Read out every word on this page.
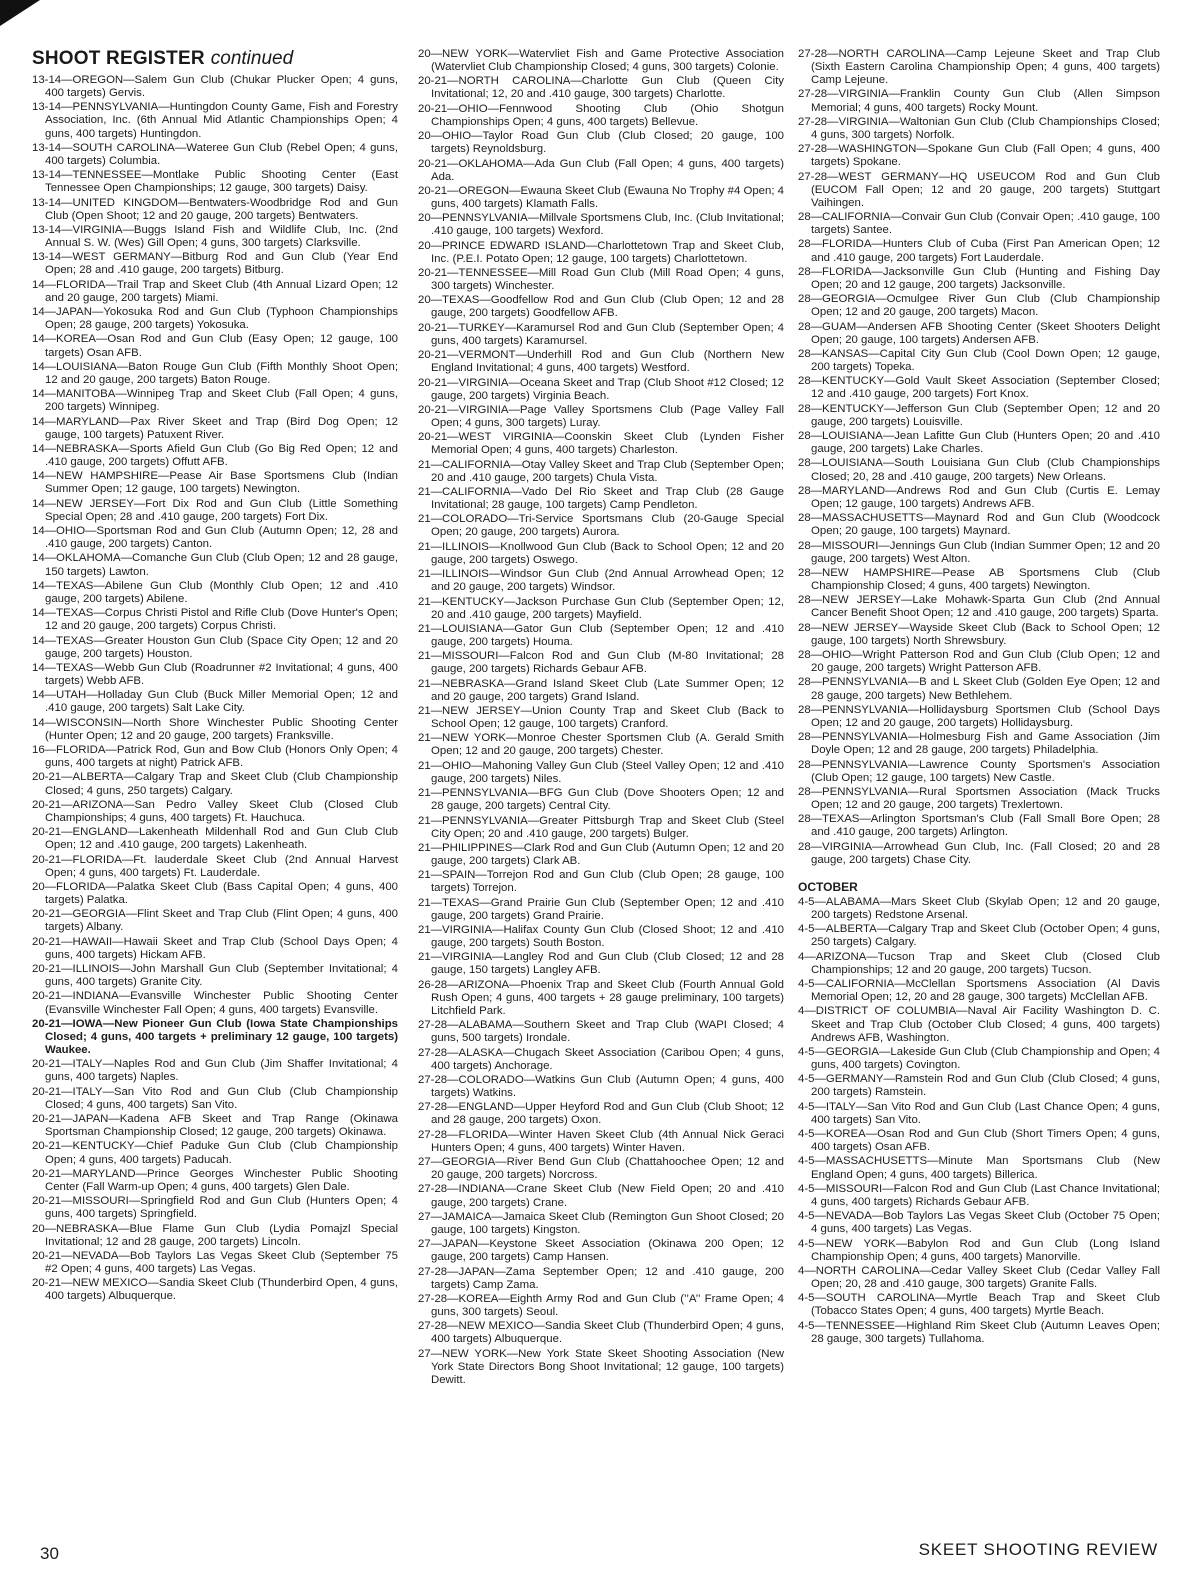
SHOOT REGISTER continued

13-14—OREGON—Salem Gun Club (Chukar Plucker Open; 4 guns, 400 targets) Gervis.

13-14—PENNSYLVANIA—Huntingdon County Game, Fish and Forestry Association, Inc. (6th Annual Mid Atlantic Championships Open; 4 guns, 400 targets) Huntingdon.

13-14—SOUTH CAROLINA—Wateree Gun Club (Rebel Open; 4 guns, 400 targets) Columbia.

13-14—TENNESSEE—Montlake Public Shooting Center (East Tennessee Open Championships; 12 gauge, 300 targets) Daisy.

13-14—UNITED KINGDOM—Bentwaters-Woodbridge Rod and Gun Club (Open Shoot; 12 and 20 gauge, 200 targets) Bentwaters.

13-14—VIRGINIA—Buggs Island Fish and Wildlife Club, Inc. (2nd Annual S. W. (Wes) Gill Open; 4 guns, 300 targets) Clarksville.

13-14—WEST GERMANY—Bitburg Rod and Gun Club (Year End Open; 28 and .410 gauge, 200 targets) Bitburg.

14—FLORIDA—Trail Trap and Skeet Club (4th Annual Lizard Open; 12 and 20 gauge, 200 targets) Miami.

14—JAPAN—Yokosuka Rod and Gun Club (Typhoon Championships Open; 28 gauge, 200 targets) Yokosuka.

14—KOREA—Osan Rod and Gun Club (Easy Open; 12 gauge, 100 targets) Osan AFB.

14—LOUISIANA—Baton Rouge Gun Club (Fifth Monthly Shoot Open; 12 and 20 gauge, 200 targets) Baton Rouge.

14—MANITOBA—Winnipeg Trap and Skeet Club (Fall Open; 4 guns, 200 targets) Winnipeg.

14—MARYLAND—Pax River Skeet and Trap (Bird Dog Open; 12 gauge, 100 targets) Patuxent River.

14—NEBRASKA—Sports Afield Gun Club (Go Big Red Open; 12 and .410 gauge, 200 targets) Offutt AFB.

14—NEW HAMPSHIRE—Pease Air Base Sportsmens Club (Indian Summer Open; 12 gauge, 100 targets) Newington.

14—NEW JERSEY—Fort Dix Rod and Gun Club (Little Something Special Open; 28 and .410 gauge, 200 targets) Fort Dix.

14—OHIO—Sportsman Rod and Gun Club (Autumn Open; 12, 28 and .410 gauge, 200 targets) Canton.

14—OKLAHOMA—Comanche Gun Club (Club Open; 12 and 28 gauge, 150 targets) Lawton.

14—TEXAS—Abilene Gun Club (Monthly Club Open; 12 and .410 gauge, 200 targets) Abilene.

14—TEXAS—Corpus Christi Pistol and Rifle Club (Dove Hunter's Open; 12 and 20 gauge, 200 targets) Corpus Christi.

14—TEXAS—Greater Houston Gun Club (Space City Open; 12 and 20 gauge, 200 targets) Houston.

14—TEXAS—Webb Gun Club (Roadrunner #2 Invitational; 4 guns, 400 targets) Webb AFB.

14—UTAH—Holladay Gun Club (Buck Miller Memorial Open; 12 and .410 gauge, 200 targets) Salt Lake City.

14—WISCONSIN—North Shore Winchester Public Shooting Center (Hunter Open; 12 and 20 gauge, 200 targets) Franksville.

16—FLORIDA—Patrick Rod, Gun and Bow Club (Honors Only Open; 4 guns, 400 targets at night) Patrick AFB.

20-21—ALBERTA—Calgary Trap and Skeet Club (Club Championship Closed; 4 guns, 250 targets) Calgary.

20-21—ARIZONA—San Pedro Valley Skeet Club (Closed Club Championships; 4 guns, 400 targets) Ft. Hauchuca.

20-21—ENGLAND—Lakenheath Mildenhall Rod and Gun Club Club Open; 12 and .410 gauge, 200 targets) Lakenheath.

20-21—FLORIDA—Ft. lauderdale Skeet Club (2nd Annual Harvest Open; 4 guns, 400 targets) Ft. Lauderdale.

20—FLORIDA—Palatka Skeet Club (Bass Capital Open; 4 guns, 400 targets) Palatka.

20-21—GEORGIA—Flint Skeet and Trap Club (Flint Open; 4 guns, 400 targets) Albany.

20-21—HAWAII—Hawaii Skeet and Trap Club (School Days Open; 4 guns, 400 targets) Hickam AFB.

20-21—ILLINOIS—John Marshall Gun Club (September Invitational; 4 guns, 400 targets) Granite City.

20-21—INDIANA—Evansville Winchester Public Shooting Center (Evansville Winchester Fall Open; 4 guns, 400 targets) Evansville.

20-21—IOWA—New Pioneer Gun Club (Iowa State Championships Closed; 4 guns, 400 targets + preliminary 12 gauge, 100 targets) Waukee.

20-21—ITALY—Naples Rod and Gun Club (Jim Shaffer Invitational; 4 guns, 400 targets) Naples.

20-21—ITALY—San Vito Rod and Gun Club (Club Championship Closed; 4 guns, 400 targets) San Vito.

20-21—JAPAN—Kadena AFB Skeet and Trap Range (Okinawa Sportsman Championship Closed; 12 gauge, 200 targets) Okinawa.

20-21—KENTUCKY—Chief Paduke Gun Club (Club Championship Open; 4 guns, 400 targets) Paducah.

20-21—MARYLAND—Prince Georges Winchester Public Shooting Center (Fall Warm-up Open; 4 guns, 400 targets) Glen Dale.

20-21—MISSOURI—Springfield Rod and Gun Club (Hunters Open; 4 guns, 400 targets) Springfield.

20—NEBRASKA—Blue Flame Gun Club (Lydia Pomajzl Special Invitational; 12 and 28 gauge, 200 targets) Lincoln.

20-21—NEVADA—Bob Taylors Las Vegas Skeet Club (September 75 #2 Open; 4 guns, 400 targets) Las Vegas.

20-21—NEW MEXICO—Sandia Skeet Club (Thunderbird Open, 4 guns, 400 targets) Albuquerque.

20—NEW YORK—Watervliet Fish and Game Protective Association (Watervliet Club Championship Closed; 4 guns, 300 targets) Colonie.

20-21—NORTH CAROLINA—Charlotte Gun Club (Queen City Invitational; 12, 20 and .410 gauge, 300 targets) Charlotte.

20-21—OHIO—Fennwood Shooting Club (Ohio Shotgun Championships Open; 4 guns, 400 targets) Bellevue.

20—OHIO—Taylor Road Gun Club (Club Closed; 20 gauge, 100 targets) Reynoldsburg.

20-21—OKLAHOMA—Ada Gun Club (Fall Open; 4 guns, 400 targets) Ada.

20-21—OREGON—Ewauna Skeet Club (Ewauna No Trophy #4 Open; 4 guns, 400 targets) Klamath Falls.

20—PENNSYLVANIA—Millvale Sportsmens Club, Inc. (Club Invitational; .410 gauge, 100 targets) Wexford.

20—PRINCE EDWARD ISLAND—Charlottetown Trap and Skeet Club, Inc. (P.E.I. Potato Open; 12 gauge, 100 targets) Charlottetown.

20-21—TENNESSEE—Mill Road Gun Club (Mill Road Open; 4 guns, 300 targets) Winchester.

20—TEXAS—Goodfellow Rod and Gun Club (Club Open; 12 and 28 gauge, 200 targets) Goodfellow AFB.

20-21—TURKEY—Karamursel Rod and Gun Club (September Open; 4 guns, 400 targets) Karamursel.

20-21—VERMONT—Underhill Rod and Gun Club (Northern New England Invitational; 4 guns, 400 targets) Westford.

20-21—VIRGINIA—Oceana Skeet and Trap (Club Shoot #12 Closed; 12 gauge, 200 targets) Virginia Beach.

20-21—VIRGINIA—Page Valley Sportsmens Club (Page Valley Fall Open; 4 guns, 300 targets) Luray.

20-21—WEST VIRGINIA—Coonskin Skeet Club (Lynden Fisher Memorial Open; 4 guns, 400 targets) Charleston.

21—CALIFORNIA—Otay Valley Skeet and Trap Club (September Open; 20 and .410 gauge, 200 targets) Chula Vista.

21—CALIFORNIA—Vado Del Rio Skeet and Trap Club (28 Gauge Invitational; 28 gauge, 100 targets) Camp Pendleton.

21—COLORADO—Tri-Service Sportsmans Club (20-Gauge Special Open; 20 gauge, 200 targets) Aurora.

21—ILLINOIS—Knollwood Gun Club (Back to School Open; 12 and 20 gauge, 200 targets) Oswego.

21—ILLINOIS—Windsor Gun Club (2nd Annual Arrowhead Open; 12 and 20 gauge, 200 targets) Windsor.

21—KENTUCKY—Jackson Purchase Gun Club (September Open; 12, 20 and .410 gauge, 200 targets) Mayfield.

21—LOUISIANA—Gator Gun Club (September Open; 12 and .410 gauge, 200 targets) Houma.

21—MISSOURI—Falcon Rod and Gun Club (M-80 Invitational; 28 gauge, 200 targets) Richards Gebaur AFB.

21—NEBRASKA—Grand Island Skeet Club (Late Summer Open; 12 and 20 gauge, 200 targets) Grand Island.

21—NEW JERSEY—Union County Trap and Skeet Club (Back to School Open; 12 gauge, 100 targets) Cranford.

21—NEW YORK—Monroe Chester Sportsmen Club (A. Gerald Smith Open; 12 and 20 gauge, 200 targets) Chester.

21—OHIO—Mahoning Valley Gun Club (Steel Valley Open; 12 and .410 gauge, 200 targets) Niles.

21—PENNSYLVANIA—BFG Gun Club (Dove Shooters Open; 12 and 28 gauge, 200 targets) Central City.

21—PENNSYLVANIA—Greater Pittsburgh Trap and Skeet Club (Steel City Open; 20 and .410 gauge, 200 targets) Bulger.

21—PHILIPPINES—Clark Rod and Gun Club (Autumn Open; 12 and 20 gauge, 200 targets) Clark AB.

21—SPAIN—Torrejon Rod and Gun Club (Club Open; 28 gauge, 100 targets) Torrejon.

21—TEXAS—Grand Prairie Gun Club (September Open; 12 and .410 gauge, 200 targets) Grand Prairie.

21—VIRGINIA—Halifax County Gun Club (Closed Shoot; 12 and .410 gauge, 200 targets) South Boston.

21—VIRGINIA—Langley Rod and Gun Club (Club Closed; 12 and 28 gauge, 150 targets) Langley AFB.

26-28—ARIZONA—Phoenix Trap and Skeet Club (Fourth Annual Gold Rush Open; 4 guns, 400 targets + 28 gauge preliminary, 100 targets) Litchfield Park.

27-28—ALABAMA—Southern Skeet and Trap Club (WAPI Closed; 4 guns, 500 targets) Irondale.

27-28—ALASKA—Chugach Skeet Association (Caribou Open; 4 guns, 400 targets) Anchorage.

27-28—COLORADO—Watkins Gun Club (Autumn Open; 4 guns, 400 targets) Watkins.

27-28—ENGLAND—Upper Heyford Rod and Gun Club (Club Shoot; 12 and 28 gauge, 200 targets) Oxon.

27-28—FLORIDA—Winter Haven Skeet Club (4th Annual Nick Geraci Hunters Open; 4 guns, 400 targets) Winter Haven.

27—GEORGIA—River Bend Gun Club (Chattahoochee Open; 12 and 20 gauge, 200 targets) Norcross.

27-28—INDIANA—Crane Skeet Club (New Field Open; 20 and .410 gauge, 200 targets) Crane.

27—JAMAICA—Jamaica Skeet Club (Remington Gun Shoot Closed; 20 gauge, 100 targets) Kingston.

27—JAPAN—Keystone Skeet Association (Okinawa 200 Open; 12 gauge, 200 targets) Camp Hansen.

27-28—JAPAN—Zama September Open; 12 and .410 gauge, 200 targets) Camp Zama.

27-28—KOREA—Eighth Army Rod and Gun Club (’’A’’ Frame Open; 4 guns, 300 targets) Seoul.

27-28—NEW MEXICO—Sandia Skeet Club (Thunderbird Open; 4 guns, 400 targets) Albuquerque.

27—NEW YORK—New York State Skeet Shooting Association (New York State Directors Bong Shoot Invitational; 12 gauge, 100 targets) Dewitt.

27-28—NORTH CAROLINA—Camp Lejeune Skeet and Trap Club (Sixth Eastern Carolina Championship Open; 4 guns, 400 targets) Camp Lejeune.

27-28—VIRGINIA—Franklin County Gun Club (Allen Simpson Memorial; 4 guns, 400 targets) Rocky Mount.

27-28—VIRGINIA—Waltonian Gun Club (Club Championships Closed; 4 guns, 300 targets) Norfolk.

27-28—WASHINGTON—Spokane Gun Club (Fall Open; 4 guns, 400 targets) Spokane.

27-28—WEST GERMANY—HQ USEUCOM Rod and Gun Club (EUCOM Fall Open; 12 and 20 gauge, 200 targets) Stuttgart Vaihingen.

28—CALIFORNIA—Convair Gun Club (Convair Open; .410 gauge, 100 targets) Santee.

28—FLORIDA—Hunters Club of Cuba (First Pan American Open; 12 and .410 gauge, 200 targets) Fort Lauderdale.

28—FLORIDA—Jacksonville Gun Club (Hunting and Fishing Day Open; 20 and 12 gauge, 200 targets) Jacksonville.

28—GEORGIA—Ocmulgee River Gun Club (Club Championship Open; 12 and 20 gauge, 200 targets) Macon.

28—GUAM—Andersen AFB Shooting Center (Skeet Shooters Delight Open; 20 gauge, 100 targets) Andersen AFB.

28—KANSAS—Capital City Gun Club (Cool Down Open; 12 gauge, 200 targets) Topeka.

28—KENTUCKY—Gold Vault Skeet Association (September Closed; 12 and .410 gauge, 200 targets) Fort Knox.

28—KENTUCKY—Jefferson Gun Club (September Open; 12 and 20 gauge, 200 targets) Louisville.

28—LOUISIANA—Jean Lafitte Gun Club (Hunters Open; 20 and .410 gauge, 200 targets) Lake Charles.

28—LOUISIANA—South Louisiana Gun Club (Club Championships Closed; 20, 28 and .410 gauge, 200 targets) New Orleans.

28—MARYLAND—Andrews Rod and Gun Club (Curtis E. Lemay Open; 12 gauge, 100 targets) Andrews AFB.

28—MASSACHUSETTS—Maynard Rod and Gun Club (Woodcock Open; 20 gauge, 100 targets) Maynard.

28—MISSOURI—Jennings Gun Club (Indian Summer Open; 12 and 20 gauge, 200 targets) West Alton.

28—NEW HAMPSHIRE—Pease AB Sportsmens Club (Club Championship Closed; 4 guns, 400 targets) Newington.

28—NEW JERSEY—Lake Mohawk-Sparta Gun Club (2nd Annual Cancer Benefit Shoot Open; 12 and .410 gauge, 200 targets) Sparta.

28—NEW JERSEY—Wayside Skeet Club (Back to School Open; 12 gauge, 100 targets) North Shrewsbury.

28—OHIO—Wright Patterson Rod and Gun Club (Club Open; 12 and 20 gauge, 200 targets) Wright Patterson AFB.

28—PENNSYLVANIA—B and L Skeet Club (Golden Eye Open; 12 and 28 gauge, 200 targets) New Bethlehem.

28—PENNSYLVANIA—Hollidaysburg Sportsmen Club (School Days Open; 12 and 20 gauge, 200 targets) Hollidaysburg.

28—PENNSYLVANIA—Holmesburg Fish and Game Association (Jim Doyle Open; 12 and 28 gauge, 200 targets) Philadelphia.

28—PENNSYLVANIA—Lawrence County Sportsmen's Association (Club Open; 12 gauge, 100 targets) New Castle.

28—PENNSYLVANIA—Rural Sportsmen Association (Mack Trucks Open; 12 and 20 gauge, 200 targets) Trexlertown.

28—TEXAS—Arlington Sportsman's Club (Fall Small Bore Open; 28 and .410 gauge, 200 targets) Arlington.

28—VIRGINIA—Arrowhead Gun Club, Inc. (Fall Closed; 20 and 28 gauge, 200 targets) Chase City.

OCTOBER

4-5—ALABAMA—Mars Skeet Club (Skylab Open; 12 and 20 gauge, 200 targets) Redstone Arsenal.

4-5—ALBERTA—Calgary Trap and Skeet Club (October Open; 4 guns, 250 targets) Calgary.

4—ARIZONA—Tucson Trap and Skeet Club (Closed Club Championships; 12 and 20 gauge, 200 targets) Tucson.

4-5—CALIFORNIA—McClellan Sportsmens Association (Al Davis Memorial Open; 12, 20 and 28 gauge, 300 targets) McClellan AFB.

4—DISTRICT OF COLUMBIA—Naval Air Facility Washington D. C. Skeet and Trap Club (October Club Closed; 4 guns, 400 targets) Andrews AFB, Washington.

4-5—GEORGIA—Lakeside Gun Club (Club Championship and Open; 4 guns, 400 targets) Covington.

4-5—GERMANY—Ramstein Rod and Gun Club (Club Closed; 4 guns, 200 targets) Ramstein.

4-5—ITALY—San Vito Rod and Gun Club (Last Chance Open; 4 guns, 400 targets) San Vito.

4-5—KOREA—Osan Rod and Gun Club (Short Timers Open; 4 guns, 400 targets) Osan AFB.

4-5—MASSACHUSETTS—Minute Man Sportsmans Club (New England Open; 4 guns, 400 targets) Billerica.

4-5—MISSOURI—Falcon Rod and Gun Club (Last Chance Invitational; 4 guns, 400 targets) Richards Gebaur AFB.

4-5—NEVADA—Bob Taylors Las Vegas Skeet Club (October 75 Open; 4 guns, 400 targets) Las Vegas.

4-5—NEW YORK—Babylon Rod and Gun Club (Long Island Championship Open; 4 guns, 400 targets) Manorville.

4—NORTH CAROLINA—Cedar Valley Skeet Club (Cedar Valley Fall Open; 20, 28 and .410 gauge, 300 targets) Granite Falls.

4-5—SOUTH CAROLINA—Myrtle Beach Trap and Skeet Club (Tobacco States Open; 4 guns, 400 targets) Myrtle Beach.

4-5—TENNESSEE—Highland Rim Skeet Club (Autumn Leaves Open; 28 gauge, 300 targets) Tullahoma.

30	SKEET SHOOTING REVIEW
